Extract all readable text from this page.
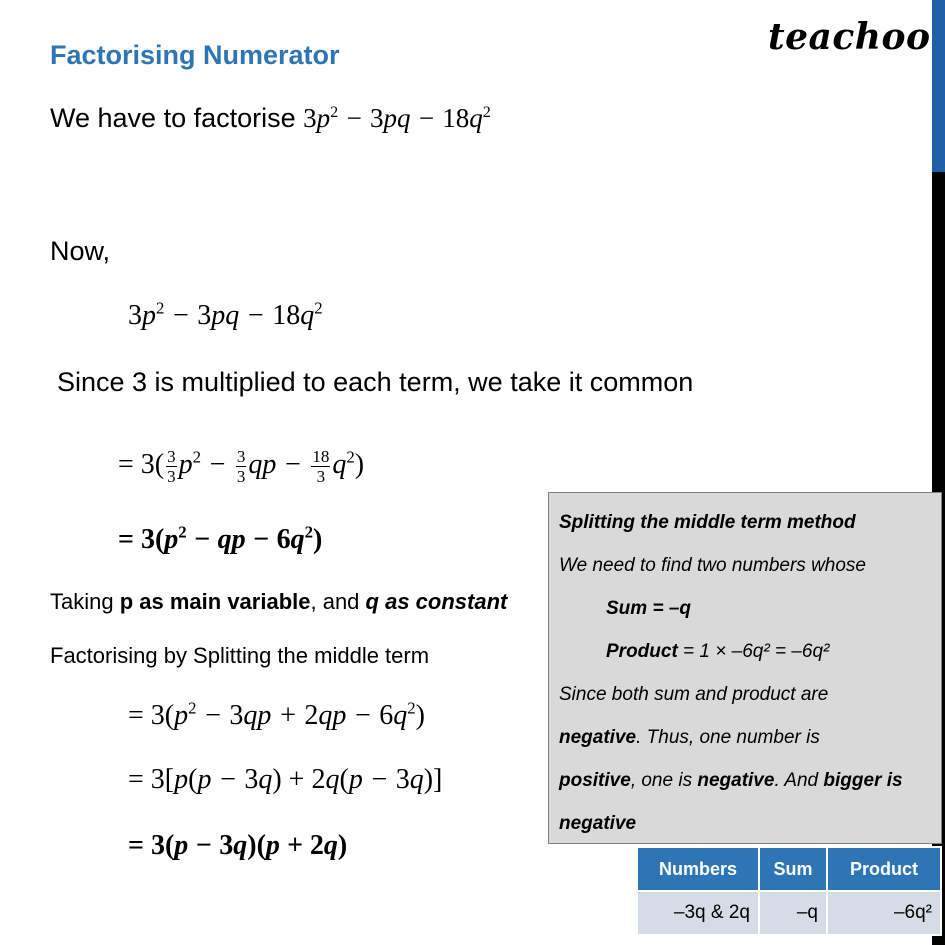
teachoo
Factorising Numerator
We have to factorise $3p^2 - 3pq - 18q^2$
Now,
$3p^2 - 3pq - 18q^2$
Since 3 is multiplied to each term, we take it common
= $3( \frac{3}{3} p^2 - \frac{3}{3}$ qp − $\frac{18}{3} q^2$)
= $3(p^2$ − qp − $6q^2$)
Taking p as main variable, and q as constant
Factorising by Splitting the middle term
= $3(p^2 - 3qp + 2qp - 6q^2)$
= 3[p(p − 3q) + 2q(p − 3q)]
= 3(p − 3q)(p + 2q)
Splitting the middle term method
We need to find two numbers whose
Sum = –q
Product = 1 × –6q² = –6q²
Since both sum and product are
negative. Thus, one number is
positive, one is negative. And bigger is
negative
Numbers	Sum	Product
–3q & 2q	–q	–6q²
